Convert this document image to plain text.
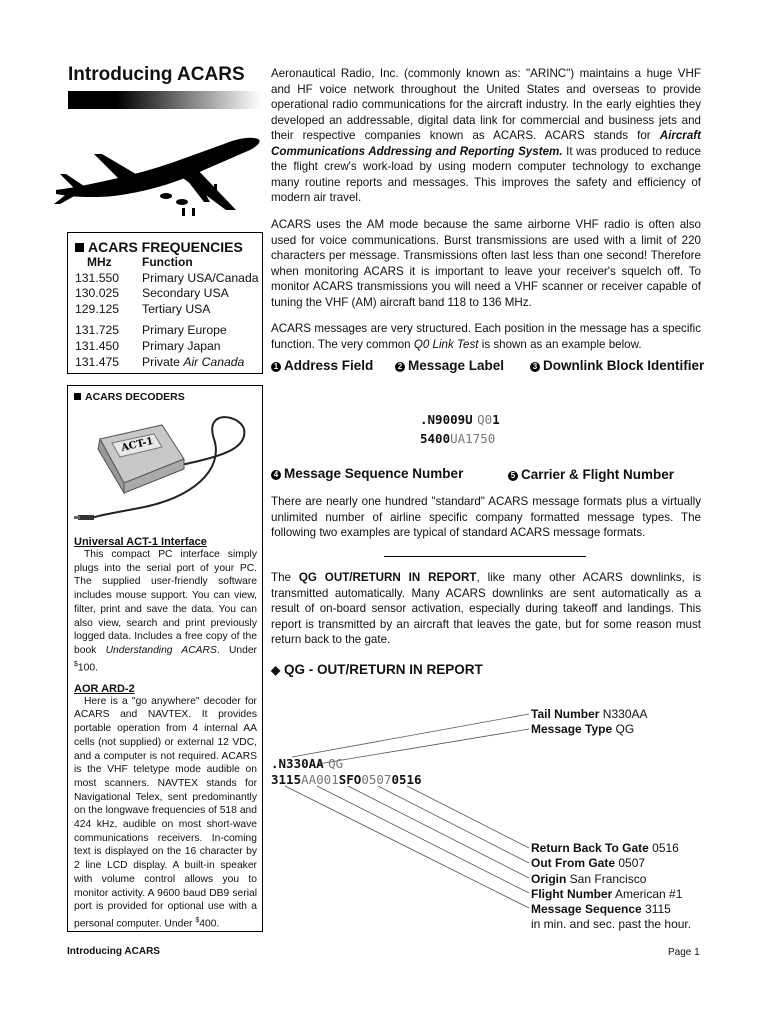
Introducing ACARS Aeronautical Radio, Inc. (commonly known as: "ARINC") maintains a huge VHF and HF voice network throughout the United States and overseas to provide operational radio communications for the aircraft industry. In the early eighties they developed an addressable, digital data link for commercial and business jets and their respective companies known as ACARS. ACARS stands for Aircraft Communications Addressing and Reporting System. It was produced to reduce the flight crew's work-load by using modern computer technology to exchange many routine reports and messages. This improves the safety and efficiency of modern air travel.

ACARS uses the AM mode because the same airborne VHF radio is often also used for voice communications. Burst transmissions are used with a limit of 220 characters per message. Transmissions often last less than one second! Therefore when monitoring ACARS it is important to leave your receiver's squelch off. To monitor ACARS transmissions you will need a VHF scanner or receiver capable of tuning the VHF (AM) aircraft band 118 to 136 MHz.

ACARS messages are very structured. Each position in the message has a specific function. The very common Q0 Link Test is shown as an example below.

ACARS FREQUENCIES

MHz	Function
131.550	Primary USA/Canada
130.025	Secondary USA
129.125	Tertiary USA
131.725	Primary Europe
131.450	Primary Japan
131.475	Private Air Canada

ACARS DECODERS

ACT-1

Universal ACT-1 Interface

This compact PC interface simply plugs into the serial port of your PC. The supplied user-friendly software includes mouse support. You can view, filter, print and save the data. You can also view, search and print previously logged data. Includes a free copy of the book Understanding ACARS. Under $100.

AOR ARD-2

Here is a "go anywhere" decoder for ACARS and NAVTEX. It provides portable operation from 4 internal AA cells (not supplied) or external 12 VDC, and a computer is not required. ACARS is the VHF teletype mode audible on most scanners. NAVTEX stands for Navigational Telex, sent predominantly on the longwave frequencies of 518 and 424 kHz, audible on most short-wave communications receivers. In-coming text is displayed on the 16 character by 2 line LCD display. A built-in speaker with volume control allows you to monitor activity. A 9600 baud DB9 serial port is provided for optional use with a personal computer. Under $400.

1 Address Field	2 Message Label	3 Downlink Block Identifier
.N9009U Q01
5400UA1750
4 Message Sequence Number	5 Carrier & Flight Number

There are nearly one hundred "standard" ACARS message formats plus a virtually unlimited number of airline specific company formatted message types. The following two examples are typical of standard ACARS message formats.

The QG OUT/RETURN IN REPORT, like many other ACARS downlinks, is transmitted automatically. Many ACARS downlinks are sent automatically as a result of on-board sensor activation, especially during takeoff and landings. This report is transmitted by an aircraft that leaves the gate, but for some reason must return back to the gate.

◆ QG - OUT/RETURN IN REPORT
.N330AA QG
3115AA001SFO05070516

Tail Number N330AA

Message Type QG

Return Back To Gate 0516

Out From Gate 0507

Origin San Francisco

Flight Number American #1

Message Sequence 3115

in min. and sec. past the hour.

Introducing ACARS	Page 1
